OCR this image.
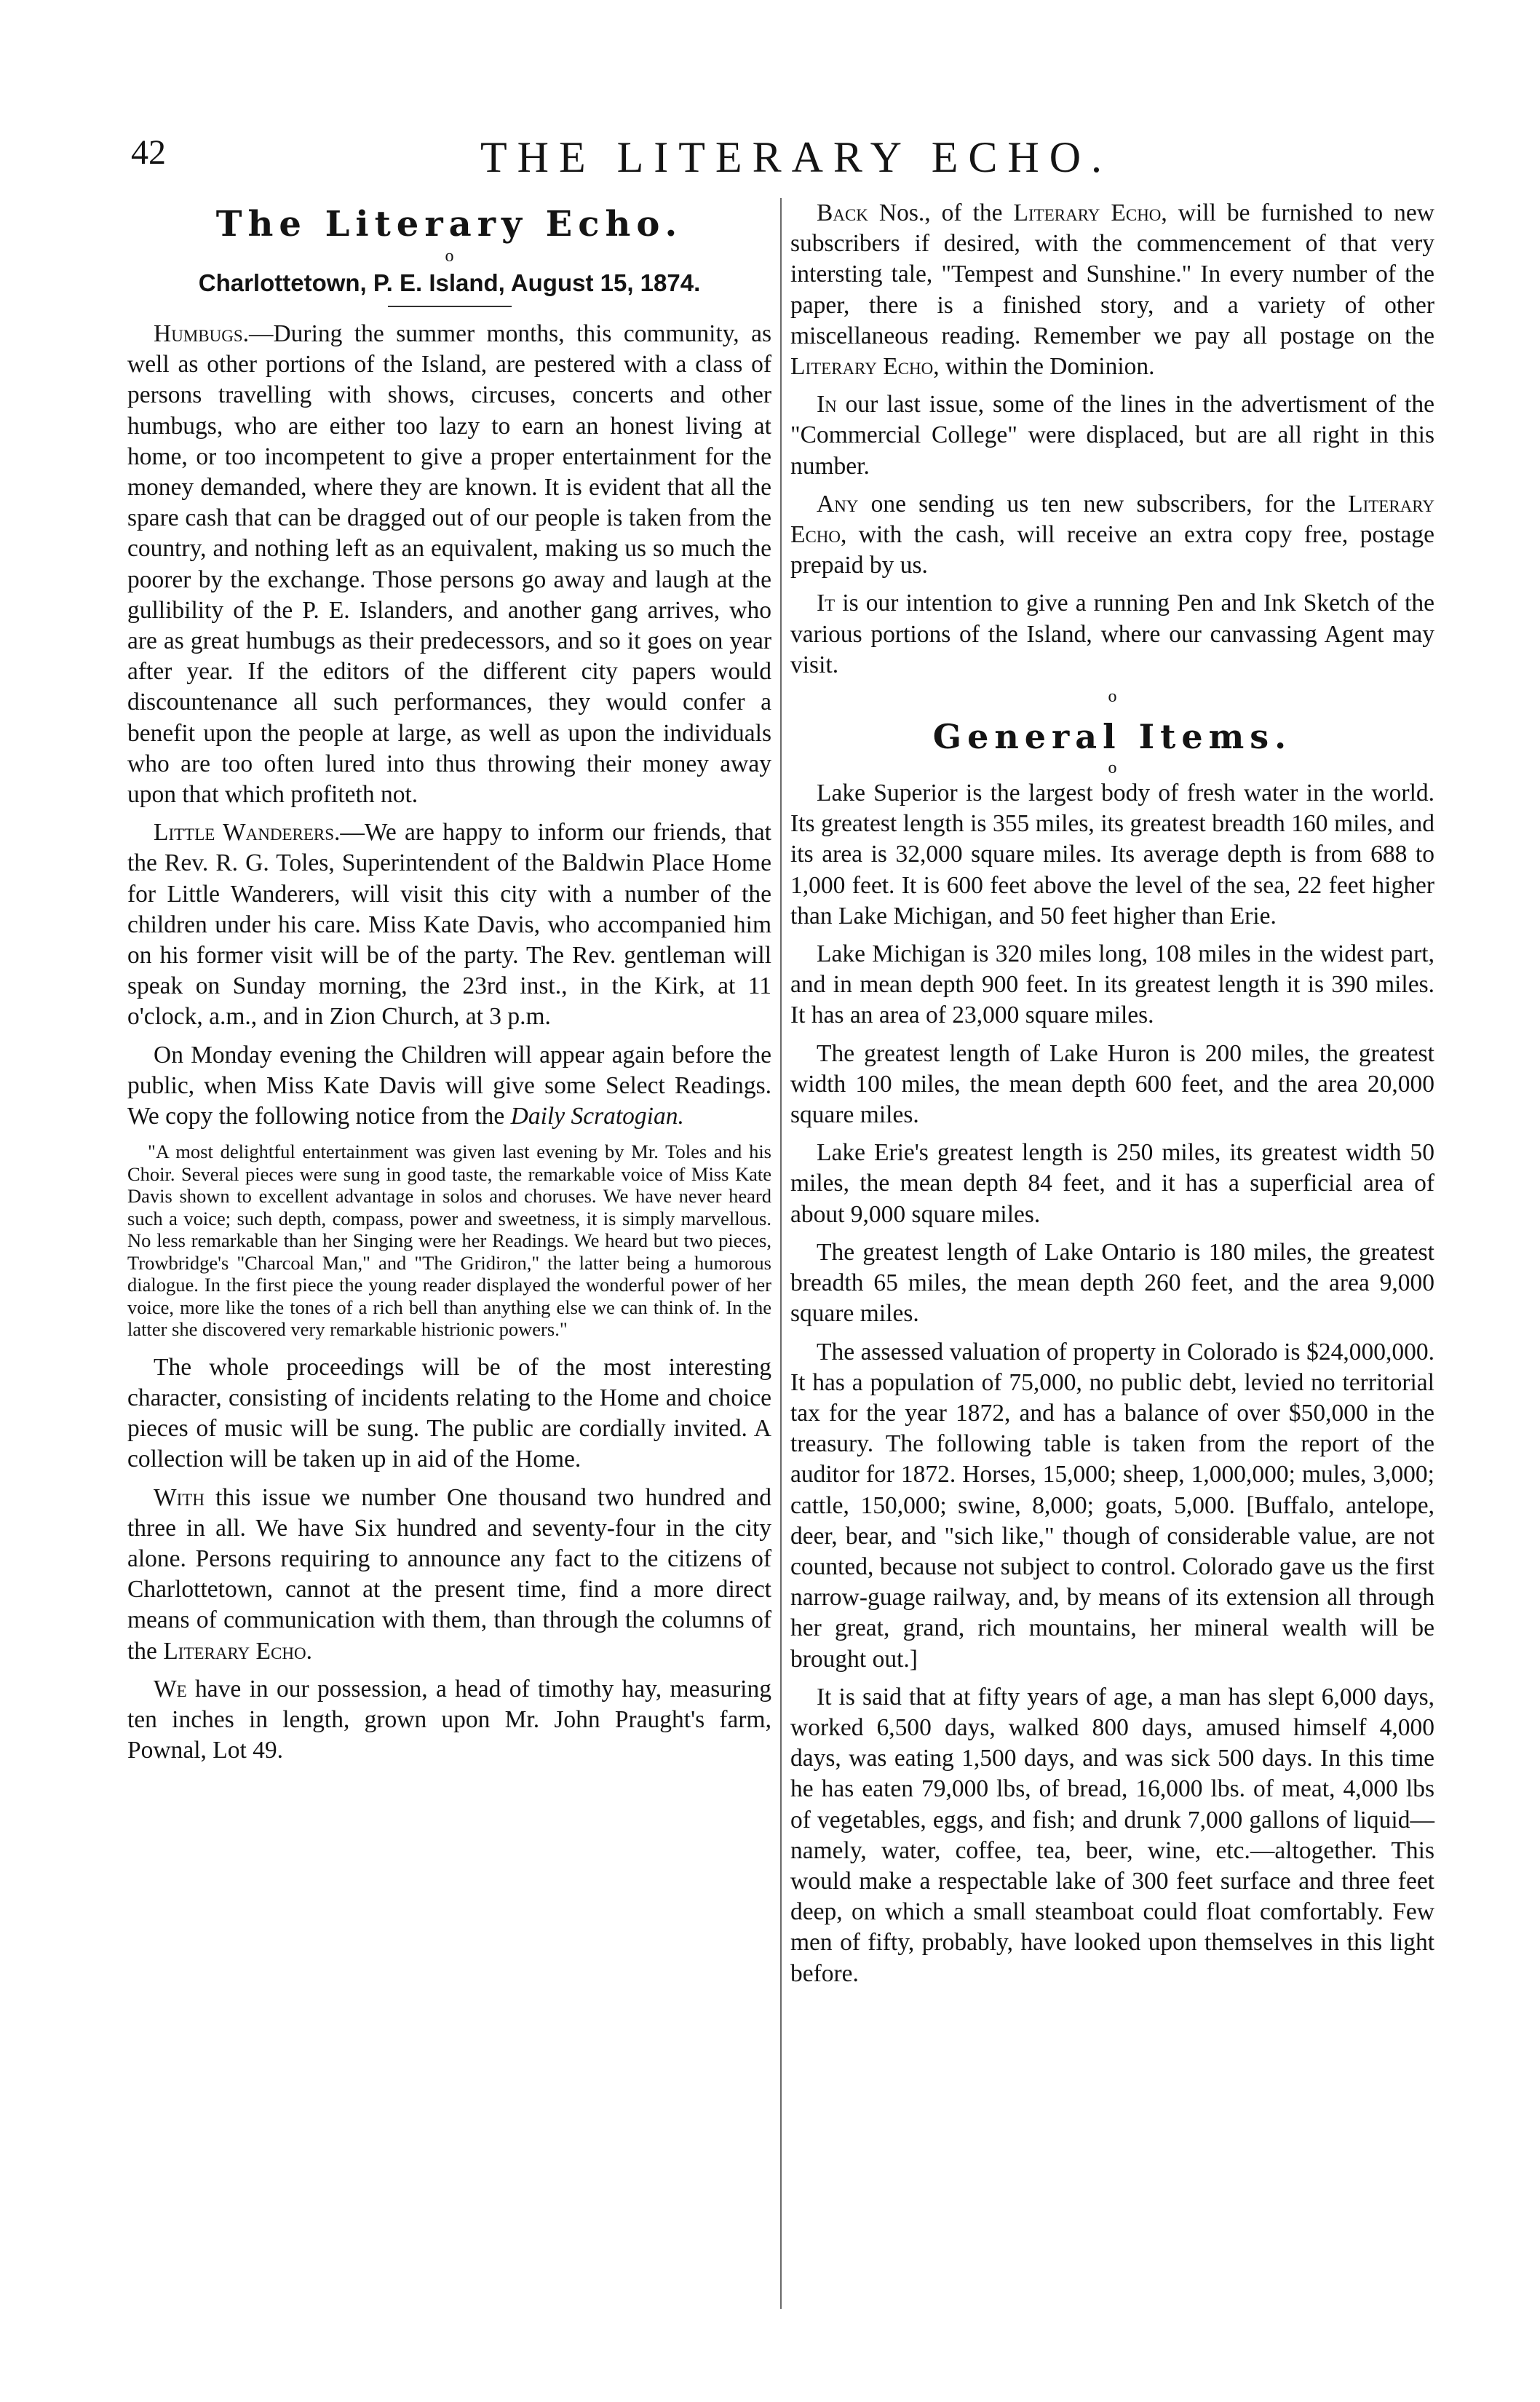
42	THE LITERARY ECHO.
The Literary Echo.
o
Charlottetown, P. E. Island, August 15, 1874.

Humbugs.—During the summer months, this community, as well as other portions of the Island, are pestered with a class of persons travelling with shows, circuses, concerts and other humbugs, who are either too lazy to earn an honest living at home, or too incompetent to give a proper entertainment for the money demanded, where they are known. It is evident that all the spare cash that can be dragged out of our people is taken from the country, and nothing left as an equivalent, making us so much the poorer by the exchange. Those persons go away and laugh at the gullibility of the P. E. Islanders, and another gang arrives, who are as great humbugs as their predecessors, and so it goes on year after year. If the editors of the different city papers would discountenance all such performances, they would confer a benefit upon the people at large, as well as upon the individuals who are too often lured into thus throwing their money away upon that which profiteth not.

Little Wanderers.—We are happy to inform our friends, that the Rev. R. G. Toles, Superintendent of the Baldwin Place Home for Little Wanderers, will visit this city with a number of the children under his care. Miss Kate Davis, who accompanied him on his former visit will be of the party. The Rev. gentleman will speak on Sunday morning, the 23rd inst., in the Kirk, at 11 o'clock, a.m., and in Zion Church, at 3 p.m.

On Monday evening the Children will appear again before the public, when Miss Kate Davis will give some Select Readings. We copy the following notice from the Daily Scratogian.

"A most delightful entertainment was given last evening by Mr. Toles and his Choir. Several pieces were sung in good taste, the remarkable voice of Miss Kate Davis shown to excellent advantage in solos and choruses. We have never heard such a voice; such depth, compass, power and sweetness, it is simply marvellous. No less remarkable than her Singing were her Readings. We heard but two pieces, Trowbridge's "Charcoal Man," and "The Gridiron," the latter being a humorous dialogue. In the first piece the young reader displayed the wonderful power of her voice, more like the tones of a rich bell than anything else we can think of. In the latter she discovered very remarkable histrionic powers."

The whole proceedings will be of the most interesting character, consisting of incidents relating to the Home and choice pieces of music will be sung. The public are cordially invited. A collection will be taken up in aid of the Home.

With this issue we number One thousand two hundred and three in all. We have Six hundred and seventy-four in the city alone. Persons requiring to announce any fact to the citizens of Charlottetown, cannot at the present time, find a more direct means of communication with them, than through the columns of the Literary Echo.

We have in our possession, a head of timothy hay, measuring ten inches in length, grown upon Mr. John Praught's farm, Pownal, Lot 49.

Back Nos., of the Literary Echo, will be furnished to new subscribers if desired, with the commencement of that very intersting tale, "Tempest and Sunshine." In every number of the paper, there is a finished story, and a variety of other miscellaneous reading. Remember we pay all postage on the Literary Echo, within the Dominion.

In our last issue, some of the lines in the advertisment of the "Commercial College" were displaced, but are all right in this number.

Any one sending us ten new subscribers, for the Literary Echo, with the cash, will receive an extra copy free, postage prepaid by us.

It is our intention to give a running Pen and Ink Sketch of the various portions of the Island, where our canvassing Agent may visit.

o
General Items.
o

Lake Superior is the largest body of fresh water in the world. Its greatest length is 355 miles, its greatest breadth 160 miles, and its area is 32,000 square miles. Its average depth is from 688 to 1,000 feet. It is 600 feet above the level of the sea, 22 feet higher than Lake Michigan, and 50 feet higher than Erie.

Lake Michigan is 320 miles long, 108 miles in the widest part, and in mean depth 900 feet. In its greatest length it is 390 miles. It has an area of 23,000 square miles.

The greatest length of Lake Huron is 200 miles, the greatest width 100 miles, the mean depth 600 feet, and the area 20,000 square miles.

Lake Erie's greatest length is 250 miles, its greatest width 50 miles, the mean depth 84 feet, and it has a superficial area of about 9,000 square miles.

The greatest length of Lake Ontario is 180 miles, the greatest breadth 65 miles, the mean depth 260 feet, and the area 9,000 square miles.

The assessed valuation of property in Colorado is $24,000,000. It has a population of 75,000, no public debt, levied no territorial tax for the year 1872, and has a balance of over $50,000 in the treasury. The following table is taken from the report of the auditor for 1872. Horses, 15,000; sheep, 1,000,000; mules, 3,000; cattle, 150,000; swine, 8,000; goats, 5,000. [Buffalo, antelope, deer, bear, and "sich like," though of considerable value, are not counted, because not subject to control. Colorado gave us the first narrow-guage railway, and, by means of its extension all through her great, grand, rich mountains, her mineral wealth will be brought out.]

It is said that at fifty years of age, a man has slept 6,000 days, worked 6,500 days, walked 800 days, amused himself 4,000 days, was eating 1,500 days, and was sick 500 days. In this time he has eaten 79,000 lbs, of bread, 16,000 lbs. of meat, 4,000 lbs of vegetables, eggs, and fish; and drunk 7,000 gallons of liquid—namely, water, coffee, tea, beer, wine, etc.—altogether. This would make a respectable lake of 300 feet surface and three feet deep, on which a small steamboat could float comfortably. Few men of fifty, probably, have looked upon themselves in this light before.
